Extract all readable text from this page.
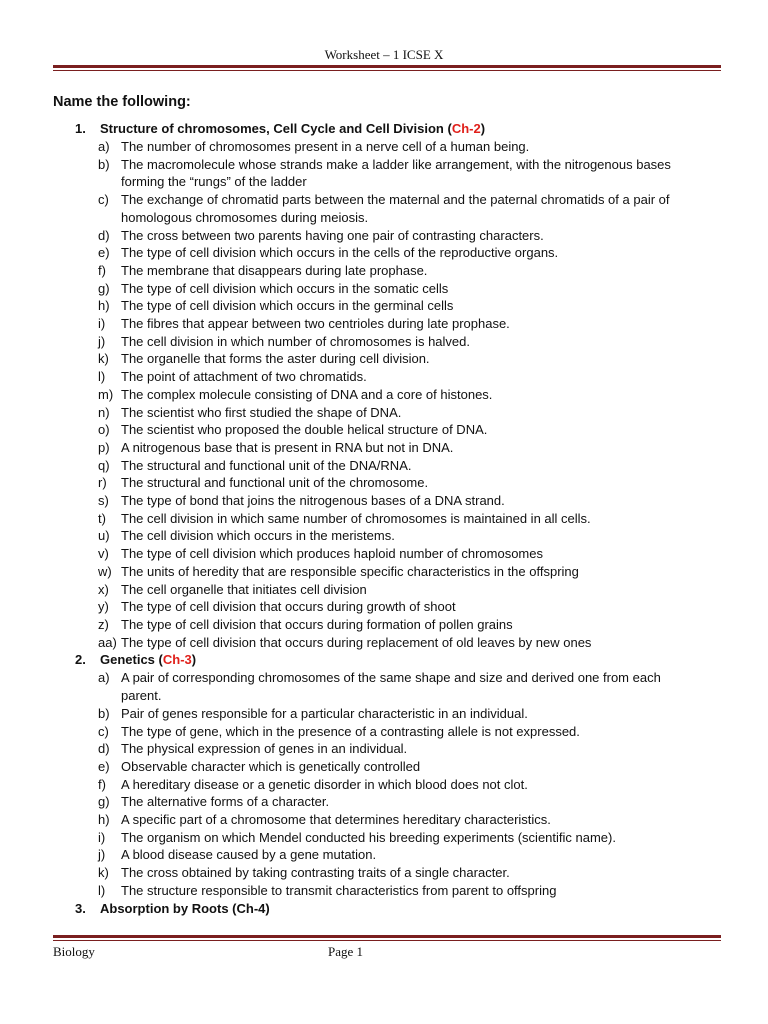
Worksheet – 1 ICSE X
Name the following:
1. Structure of chromosomes, Cell Cycle and Cell Division (Ch-2)
a) The number of chromosomes present in a nerve cell of a human being.
b) The macromolecule whose strands make a ladder like arrangement, with the nitrogenous bases forming the “rungs” of the ladder
c) The exchange of chromatid parts between the maternal and the paternal chromatids of a pair of homologous chromosomes during meiosis.
d) The cross between two parents having one pair of contrasting characters.
e) The type of cell division which occurs in the cells of the reproductive organs.
f) The membrane that disappears during late prophase.
g) The type of cell division which occurs in the somatic cells
h) The type of cell division which occurs in the germinal cells
i) The fibres that appear between two centrioles during late prophase.
j) The cell division in which number of chromosomes is halved.
k) The organelle that forms the aster during cell division.
l) The point of attachment of two chromatids.
m) The complex molecule consisting of DNA and a core of histones.
n) The scientist who first studied the shape of DNA.
o) The scientist who proposed the double helical structure of DNA.
p) A nitrogenous base that is present in RNA but not in DNA.
q) The structural and functional unit of the DNA/RNA.
r) The structural and functional unit of the chromosome.
s) The type of bond that joins the nitrogenous bases of a DNA strand.
t) The cell division in which same number of chromosomes is maintained in all cells.
u) The cell division which occurs in the meristems.
v) The type of cell division which produces haploid number of chromosomes
w) The units of heredity that are responsible specific characteristics in the offspring
x) The cell organelle that initiates cell division
y) The type of cell division that occurs during growth of shoot
z) The type of cell division that occurs during formation of pollen grains
aa) The type of cell division that occurs during replacement of old leaves by new ones
2. Genetics (Ch-3)
a) A pair of corresponding chromosomes of the same shape and size and derived one from each parent.
b) Pair of genes responsible for a particular characteristic in an individual.
c) The type of gene, which in the presence of a contrasting allele is not expressed.
d) The physical expression of genes in an individual.
e) Observable character which is genetically controlled
f) A hereditary disease or a genetic disorder in which blood does not clot.
g) The alternative forms of a character.
h) A specific part of a chromosome that determines hereditary characteristics.
i) The organism on which Mendel conducted his breeding experiments (scientific name).
j) A blood disease caused by a gene mutation.
k) The cross obtained by taking contrasting traits of a single character.
l) The structure responsible to transmit characteristics from parent to offspring
3. Absorption by Roots (Ch-4)
Biology	Page 1
